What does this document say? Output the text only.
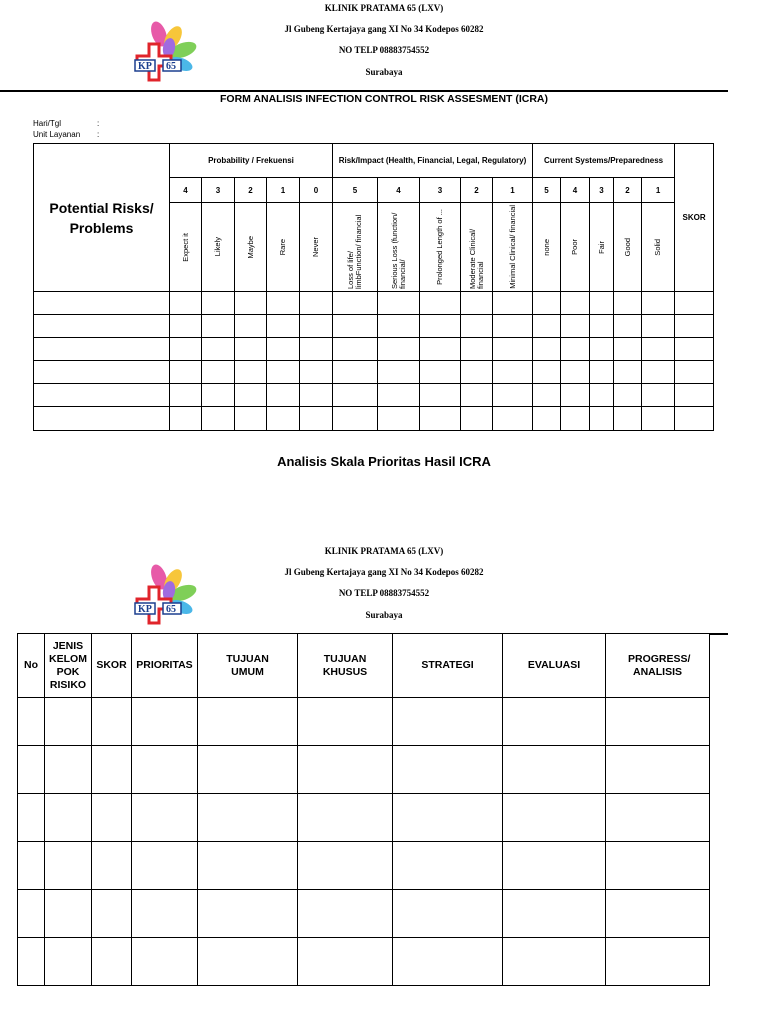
KLINIK PRATAMA 65 (LXV)
Jl Gubeng Kertajaya gang XI No 34 Kodepos 60282
NO TELP 08883754552
Surabaya
KP 65
FORM ANALISIS INFECTION CONTROL RISK ASSESMENT (ICRA)
Hari/Tgl	:
Unit Layanan :
Potential Risks/ Problems	Probability / Frekuensi					Risk/Impact (Health, Financial, Legal, Regulatory)					Current Systems/Preparedness					SKOR
	4	3	2	1	0	5	4	3	2	1	5	4	3	2	1	

	Expect it	Likely	Maybe	Rare	Never	Loss of life/ limbFunction/ financial	Serious Loss (function/ financial/	Prolonged Length of ...	Moderate Clinical/ financial	Minimal Clinical/ financial	none	Poor	Fair	Good	Solid	

Analisis Skala Prioritas Hasil ICRA
KLINIK PRATAMA 65 (LXV)
Jl Gubeng Kertajaya gang XI No 34 Kodepos 60282
NO TELP 08883754552
Surabaya
KP 65
No	JENIS KELOM POK RISIKO	SKOR	PRIORITAS	TUJUAN UMUM	TUJUAN KHUSUS	STRATEGI	EVALUASI	PROGRESS/ ANALISIS
